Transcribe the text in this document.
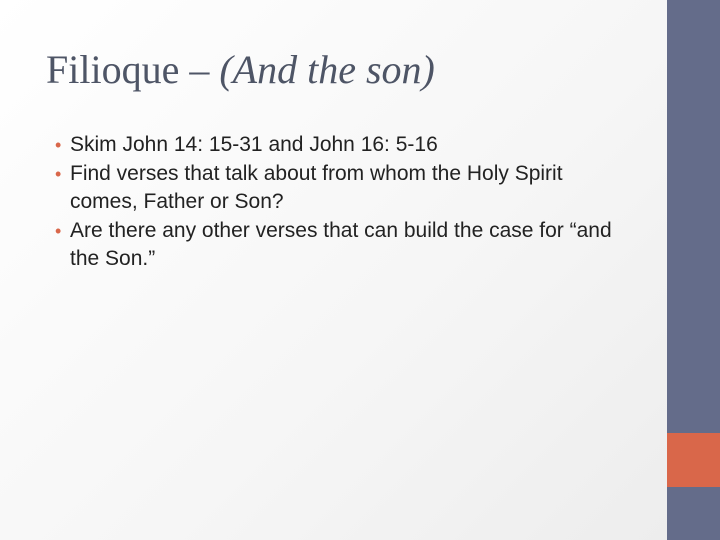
Filioque – (And the son)
• Skim John 14: 15-31 and John 16: 5-16
• Find verses that talk about from whom the Holy Spirit comes, Father or Son?
• Are there any other verses that can build the case for “and the Son.”
